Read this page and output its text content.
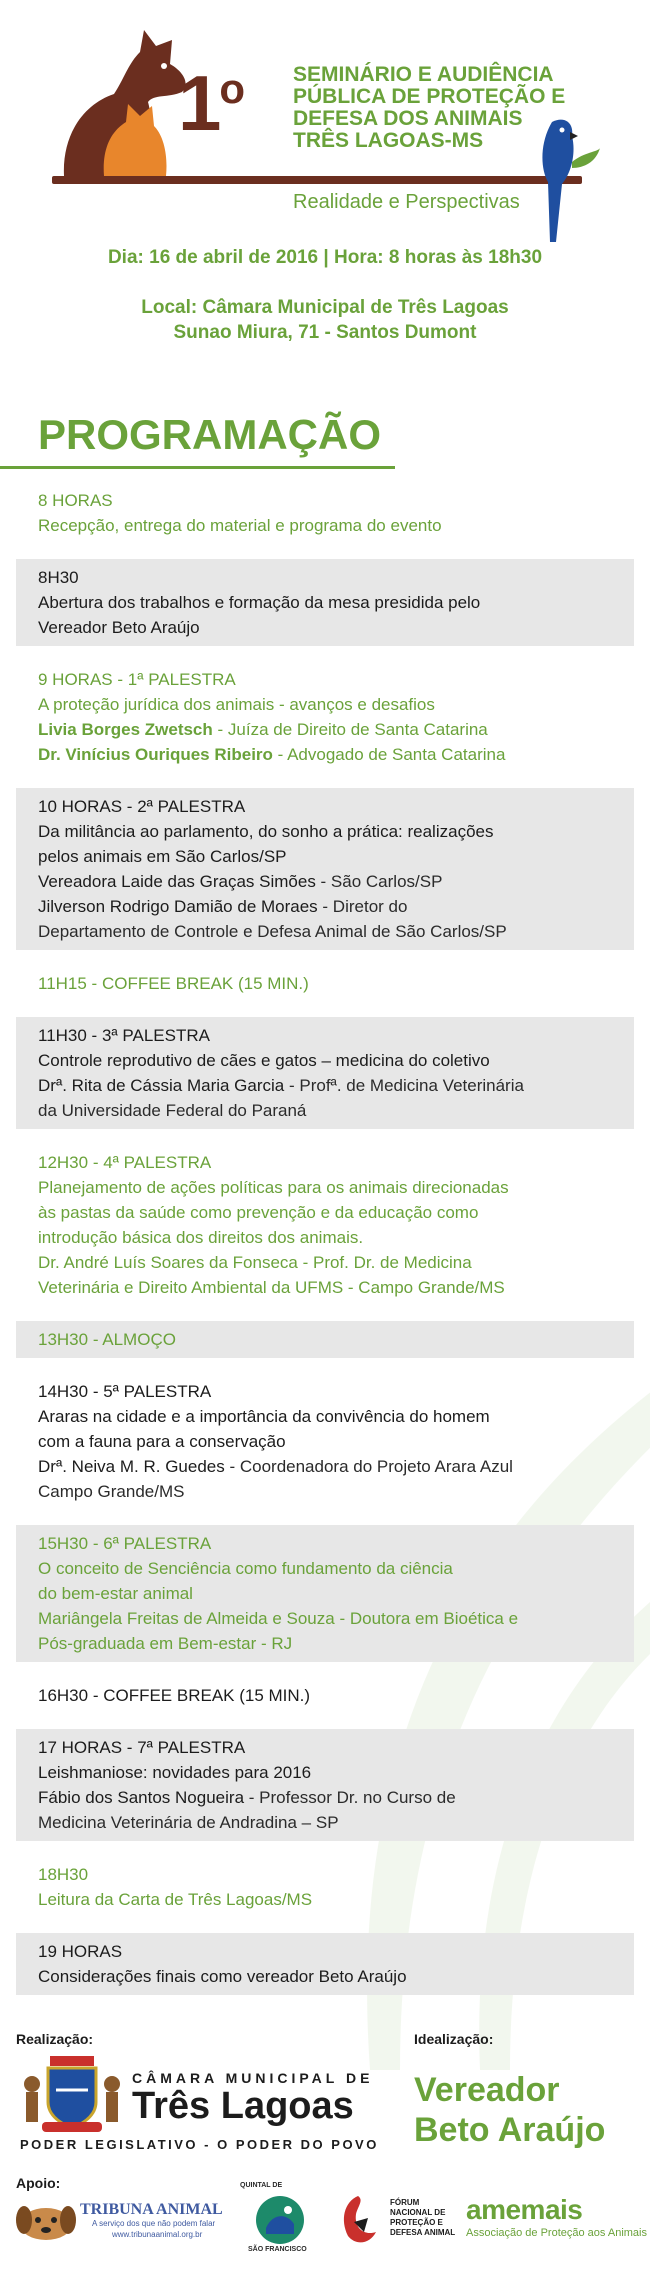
1$^o$ SEMINÁRIO E AUDIÊNCIA
PÚBLICA DE PROTEÇÃO E
DEFESA DOS ANIMAIS
TRÊS LAGOAS-MS
Realidade e Perspectivas
Dia: 16 de abril de 2016 | Hora: 8 horas às 18h30
Local: Câmara Municipal de Três Lagoas
Sunao Miura, 71 - Santos Dumont
PROGRAMAÇÃO
8 HORAS
Recepção, entrega do material e programa do evento
8H30
Abertura dos trabalhos e formação da mesa presidida pelo
Vereador Beto Araújo
9 HORAS - 1ª PALESTRA
A proteção jurídica dos animais - avanços e desafios
Livia Borges Zwetsch - Juíza de Direito de Santa Catarina
Dr. Vinícius Ouriques Ribeiro - Advogado de Santa Catarina
10 HORAS - 2ª PALESTRA
Da militância ao parlamento, do sonho a prática: realizações
pelos animais em São Carlos/SP
Vereadora Laide das Graças Simões - São Carlos/SP
Jilverson Rodrigo Damião de Moraes - Diretor do
Departamento de Controle e Defesa Animal de São Carlos/SP
11H15 - COFFEE BREAK (15 MIN.)
11H30 - 3ª PALESTRA
Controle reprodutivo de cães e gatos – medicina do coletivo
Drª. Rita de Cássia Maria Garcia - Profª. de Medicina Veterinária
da Universidade Federal do Paraná
12H30 - 4ª PALESTRA
Planejamento de ações políticas para os animais direcionadas
às pastas da saúde como prevenção e da educação como
introdução básica dos direitos dos animais.
Dr. André Luís Soares da Fonseca - Prof. Dr. de Medicina
Veterinária e Direito Ambiental da UFMS - Campo Grande/MS
13H30 - ALMOÇO
14H30 - 5ª PALESTRA
Araras na cidade e a importância da convivência do homem
com a fauna para a conservação
Drª. Neiva M. R. Guedes - Coordenadora do Projeto Arara Azul
Campo Grande/MS
15H30 - 6ª PALESTRA
O conceito de Senciência como fundamento da ciência
do bem-estar animal
Mariângela Freitas de Almeida e Souza - Doutora em Bioética e
Pós-graduada em Bem-estar - RJ
16H30 - COFFEE BREAK (15 MIN.)
17 HORAS - 7ª PALESTRA
Leishmaniose: novidades para 2016
Fábio dos Santos Nogueira - Professor Dr. no Curso de
Medicina Veterinária de Andradina – SP
18H30
Leitura da Carta de Três Lagoas/MS
19 HORAS
Considerações finais como vereador Beto Araújo
Realização:	Idealização:
CÂMARA MUNICIPAL DE
Três Lagoas
PODER LEGISLATIVO - O PODER DO POVO
Vereador
Beto Araújo
Apoio:
TRIBUNA ANIMAL
A serviço dos que não podem falar
www.tribunaanimal.org.br
QUINTAL DE
SÃO FRANCISCO
FÓRUM
NACIONAL DE
PROTEÇÃO E
DEFESA ANIMAL
amemais
Associação de Proteção aos Animais
